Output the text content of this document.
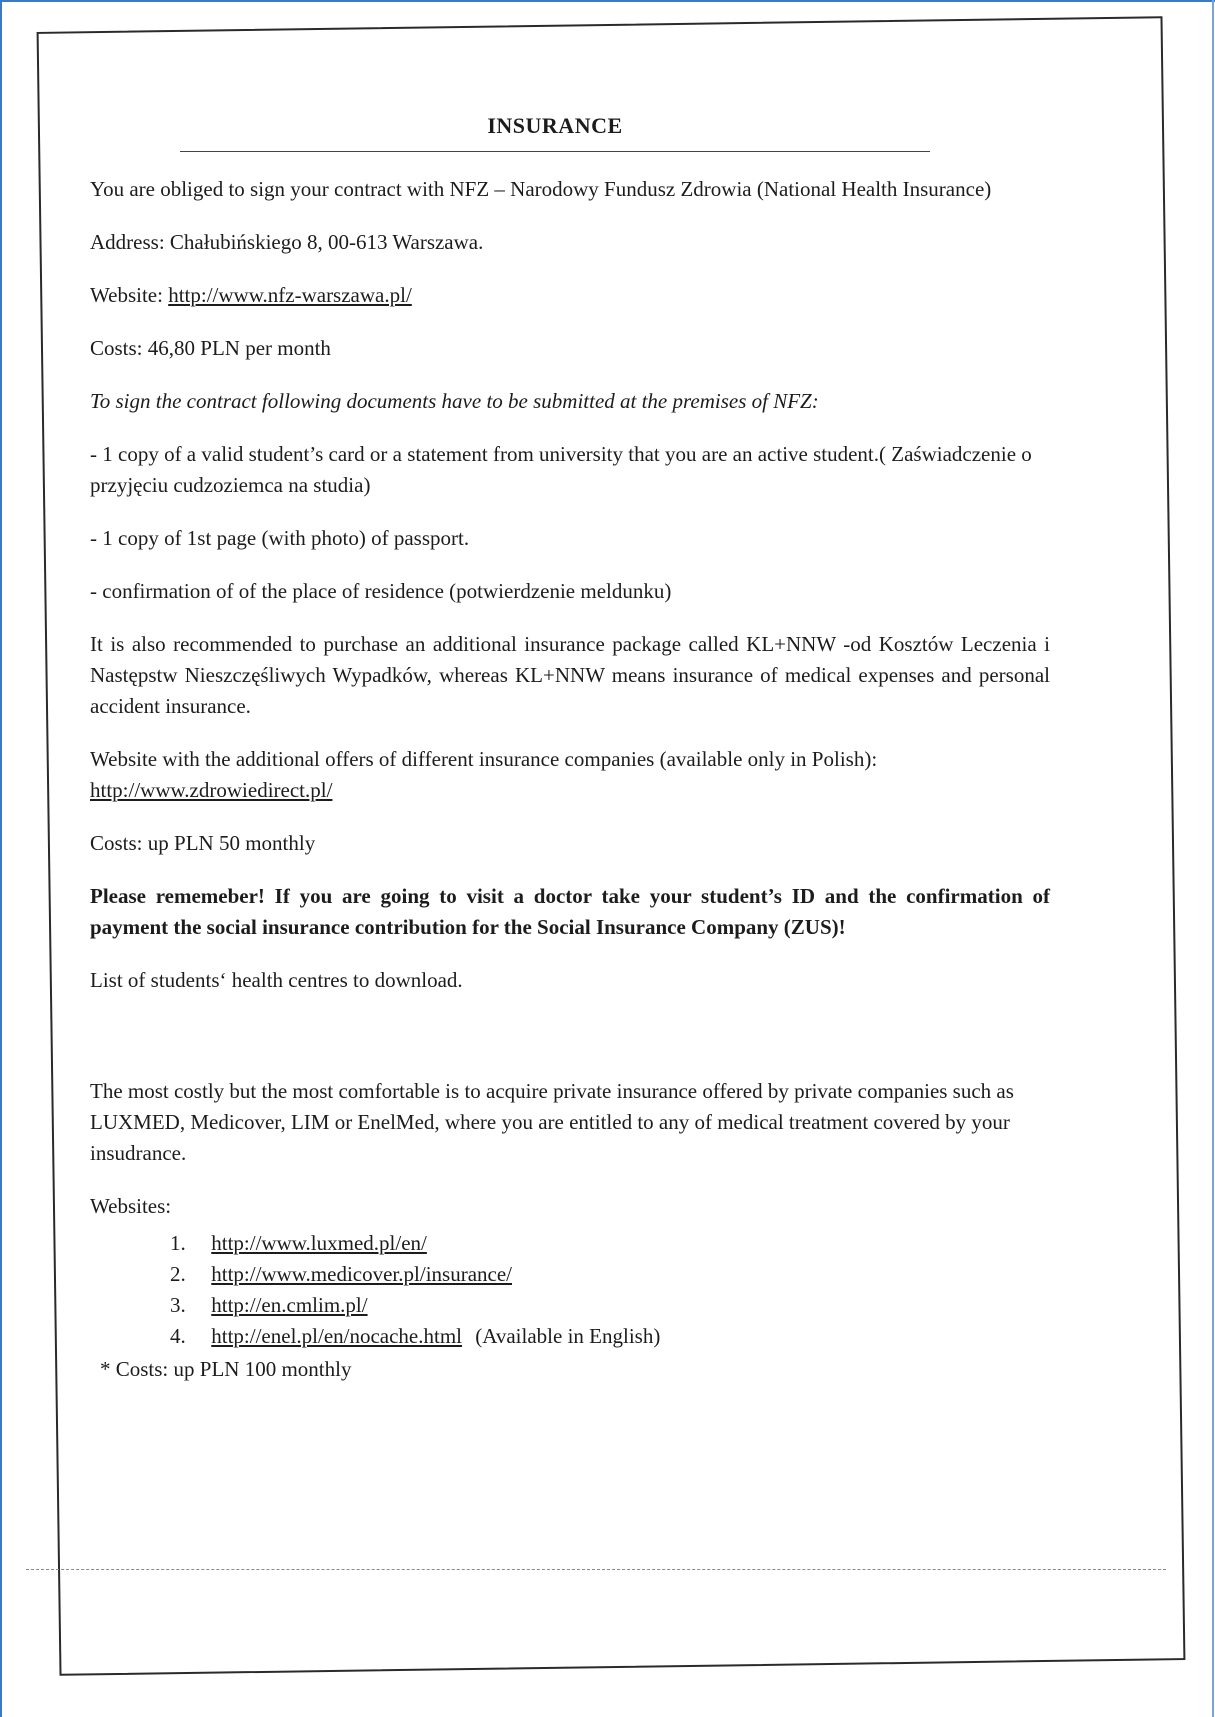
INSURANCE

You are obliged to sign your contract with NFZ – Narodowy Fundusz Zdrowia (National Health Insurance)

Address: Chałubińskiego 8, 00-613 Warszawa.

Website: http://www.nfz-warszawa.pl/

Costs: 46,80 PLN per month

To sign the contract following documents have to be submitted at the premises of NFZ:

- 1 copy of a valid student’s card or a statement from university that you are an active student.( Zaświadczenie o przyjęciu cudzoziemca na studia)

- 1 copy of 1st page (with photo) of passport.

- confirmation of of the place of residence (potwierdzenie meldunku)

It is also recommended to purchase an additional insurance package called KL+NNW -od Kosztów Leczenia i Następstw Nieszczęśliwych Wypadków, whereas KL+NNW means insurance of medical expenses and personal accident insurance.

Website with the additional offers of different insurance companies (available only in Polish):
http://www.zdrowiedirect.pl/

Costs: up PLN 50 monthly

Please rememeber! If you are going to visit a doctor take your student’s ID and the confirmation of payment the social insurance contribution for the Social Insurance Company (ZUS)!

List of students‘ health centres to download.

The most costly but the most comfortable is to acquire private insurance offered by private companies such as LUXMED, Medicover, LIM or EnelMed, where you are entitled to any of medical treatment covered by your insudrance.

Websites:
1. http://www.luxmed.pl/en/
2. http://www.medicover.pl/insurance/
3. http://en.cmlim.pl/
4. http://enel.pl/en/nocache.html (Available in English)
* Costs: up PLN 100 monthly
